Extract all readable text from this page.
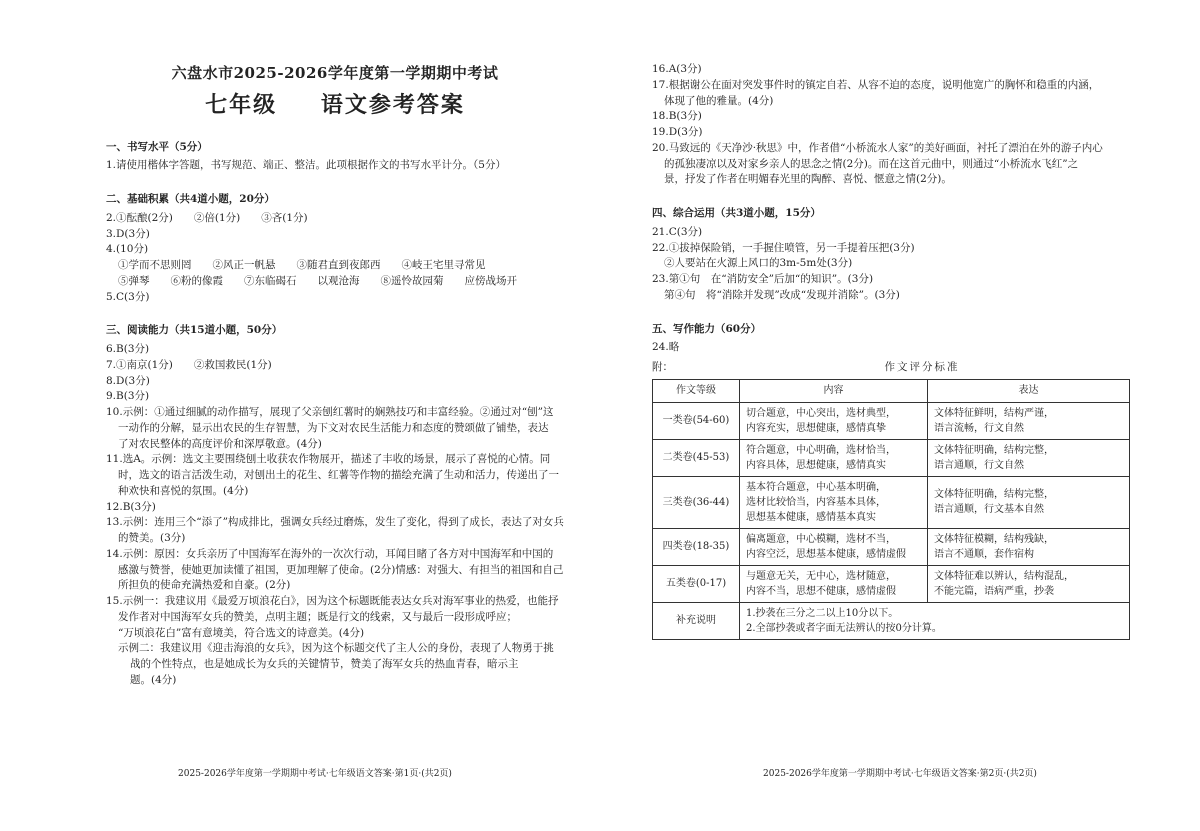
六盘水市2025-2026学年度第一学期期中考试
七年级　 语文参考答案
一、书写水平（5分）

1.请使用楷体字答题，书写规范、端正、整洁。此项根据作文的书写水平计分。（5分）

二、基础积累（共4道小题，20分）

2.①酝酿(2分)　　②倍(1分)　　③吝(1分)

3.D(3分)

4.(10分)

①学而不思则罔　　②风正一帆悬　　③随君直到夜郎西　　④岐王宅里寻常见

⑤弹琴　　⑥粉的像霞　　⑦东临碣石　　以观沧海　　⑧遥怜故园菊　　应傍战场开

5.C(3分)

三、阅读能力（共15道小题，50分）

6.B(3分)

7.①南京(1分)　　②救国救民(1分)

8.D(3分)

9.B(3分)

10.示例：①通过细腻的动作描写，展现了父亲刨红薯时的娴熟技巧和丰富经验。②通过对“刨”这

一动作的分解，显示出农民的生存智慧，为下文对农民生活能力和态度的赞颂做了铺垫，表达

了对农民整体的高度评价和深厚敬意。(4分)

11.选A。示例：选文主要围绕刨土收获农作物展开，描述了丰收的场景，展示了喜悦的心情。同

时，选文的语言活泼生动，对刨出土的花生、红薯等作物的描绘充满了生动和活力，传递出了一

种欢快和喜悦的氛围。(4分)

12.B(3分)

13.示例：连用三个“添了”构成排比，强调女兵经过磨炼，发生了变化，得到了成长，表达了对女兵

的赞美。(3分)

14.示例：原因：女兵亲历了中国海军在海外的一次次行动，耳闻目睹了各方对中国海军和中国的

感激与赞誉，使她更加读懂了祖国，更加理解了使命。(2分)情感：对强大、有担当的祖国和自己

所担负的使命充满热爱和自豪。(2分)

15.示例一：我建议用《最爱万顷浪花白》，因为这个标题既能表达女兵对海军事业的热爱，也能抒

发作者对中国海军女兵的赞美，点明主题；既是行文的线索，又与最后一段形成呼应；

“万顷浪花白”富有意境美，符合选文的诗意美。(4分)

示例二：我建议用《迎击海浪的女兵》，因为这个标题交代了主人公的身份，表现了人物勇于挑

战的个性特点，也是她成长为女兵的关键情节，赞美了海军女兵的热血青春，暗示主

题。(4分)

2025-2026学年度第一学期期中考试·七年级语文答案·第1页·(共2页)

16.A(3分)

17.根据谢公在面对突发事件时的镇定自若、从容不迫的态度，说明他宽广的胸怀和稳重的内涵，

体现了他的雅量。(4分)

18.B(3分)

19.D(3分)

20.马致远的《天净沙·秋思》中，作者借“小桥流水人家”的美好画面，衬托了漂泊在外的游子内心

的孤独凄凉以及对家乡亲人的思念之情(2分)。而在这首元曲中，则通过“小桥流水飞红”之

景，抒发了作者在明媚春光里的陶醉、喜悦、惬意之情(2分)。

四、综合运用（共3道小题，15分）

21.C(3分)

22.①拔掉保险销，一手握住喷管，另一手提着压把(3分)

②人要站在火源上风口的3m-5m处(3分)

23.第①句　在“消防安全”后加“的知识”。(3分)

第④句　将“消除并发现”改成“发现并消除”。(3分)

五、写作能力（60分）

24.略

附：	作文评分标准
作文等级	内容	表达
一类卷(54-60)	切合题意，中心突出，选材典型，
内容充实，思想健康，感情真挚	文体特征鲜明，结构严谨，
语言流畅，行文自然

二类卷(45-53)	符合题意，中心明确，选材恰当，
内容具体，思想健康，感情真实	文体特征明确，结构完整，
语言通顺，行文自然

三类卷(36-44)	基本符合题意，中心基本明确，
选材比较恰当，内容基本具体，
思想基本健康，感情基本真实	文体特征明确，结构完整，
语言通顺，行文基本自然

四类卷(18-35)	偏离题意，中心模糊，选材不当，
内容空泛，思想基本健康，感情虚假	文体特征模糊，结构残缺，
语言不通顺，套作宿构

五类卷(0-17)	与题意无关，无中心，选材随意，
内容不当，思想不健康，感情虚假	文体特征难以辨认，结构混乱，
不能完篇，语病严重，抄袭

补充说明	1.抄袭在三分之二以上10分以下。
2.全部抄袭或者字面无法辨认的按0分计算。	
2025-2026学年度第一学期期中考试·七年级语文答案·第2页·(共2页)
